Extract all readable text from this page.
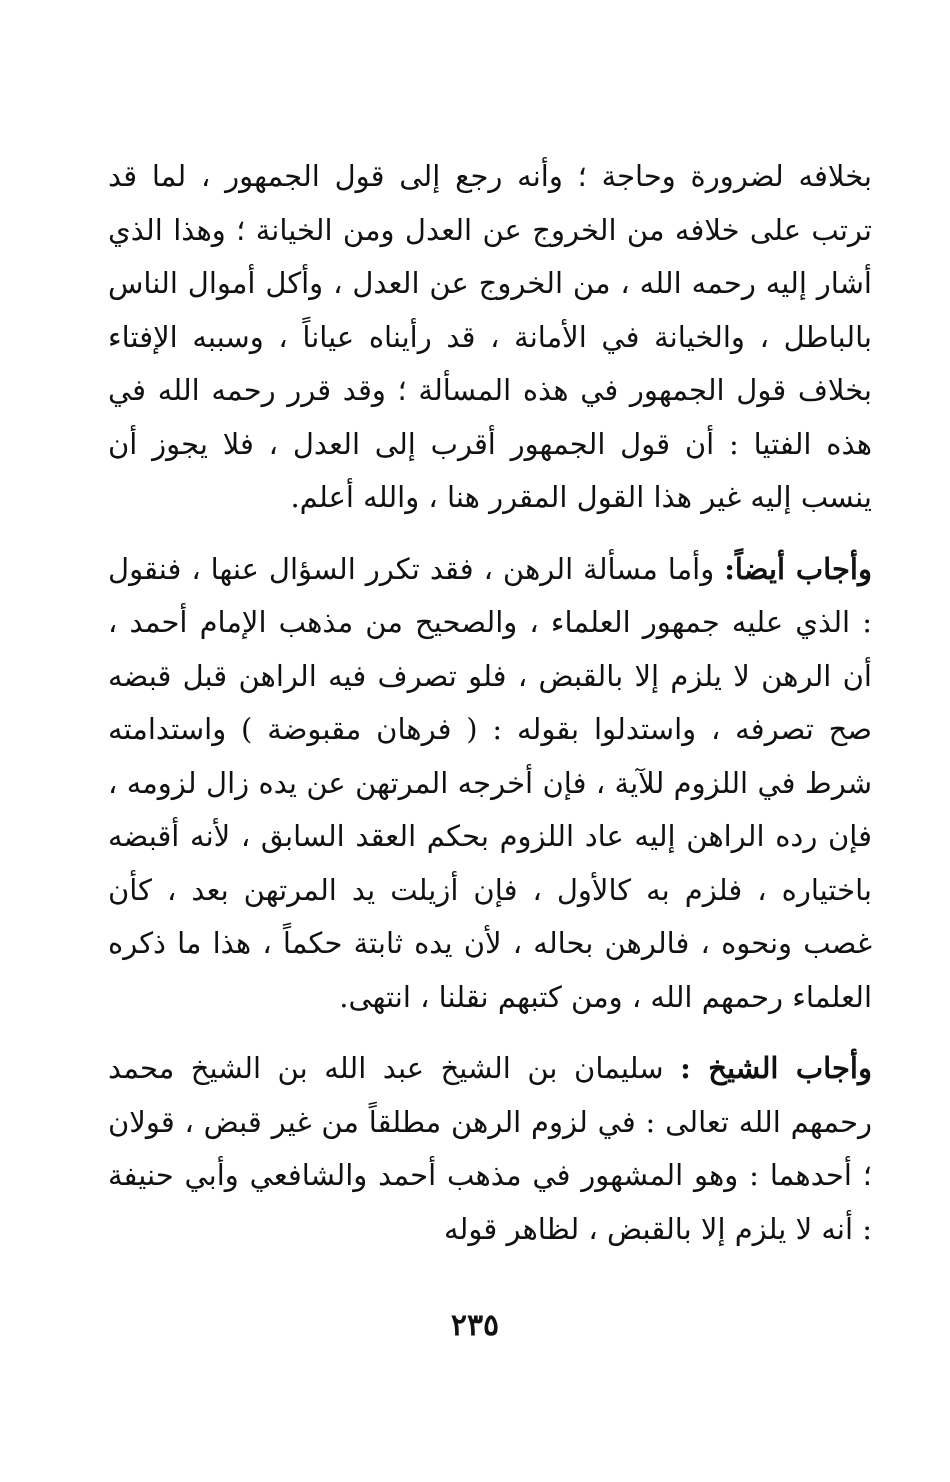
بخلافه لضرورة وحاجة ؛ وأنه رجع إلى قول الجمهور ، لما قد ترتب على خلافه من الخروج عن العدل ومن الخيانة ؛ وهذا الذي أشار إليه رحمه الله ، من الخروج عن العدل ، وأكل أموال الناس بالباطل ، والخيانة في الأمانة ، قد رأيناه عياناً ، وسببه الإفتاء بخلاف قول الجمهور في هذه المسألة ؛ وقد قرر رحمه الله في هذه الفتيا : أن قول الجمهور أقرب إلى العدل ، فلا يجوز أن ينسب إليه غير هذا القول المقرر هنا ، والله أعلم.

وأجاب أيضاً: وأما مسألة الرهن ، فقد تكرر السؤال عنها ، فنقول : الذي عليه جمهور العلماء ، والصحيح من مذهب الإمام أحمد ، أن الرهن لا يلزم إلا بالقبض ، فلو تصرف فيه الراهن قبل قبضه صح تصرفه ، واستدلوا بقوله : ( فرهان مقبوضة ) واستدامته شرط في اللزوم للآية ، فإن أخرجه المرتهن عن يده زال لزومه ، فإن رده الراهن إليه عاد اللزوم بحكم العقد السابق ، لأنه أقبضه باختياره ، فلزم به كالأول ، فإن أزيلت يد المرتهن بعد ، كأن غصب ونحوه ، فالرهن بحاله ، لأن يده ثابتة حكماً ، هذا ما ذكره العلماء رحمهم الله ، ومن كتبهم نقلنا ، انتهى.

وأجاب الشيخ : سليمان بن الشيخ عبد الله بن الشيخ محمد رحمهم الله تعالى : في لزوم الرهن مطلقاً من غير قبض ، قولان ؛ أحدهما : وهو المشهور في مذهب أحمد والشافعي وأبي حنيفة : أنه لا يلزم إلا بالقبض ، لظاهر قوله

٢٣٥
